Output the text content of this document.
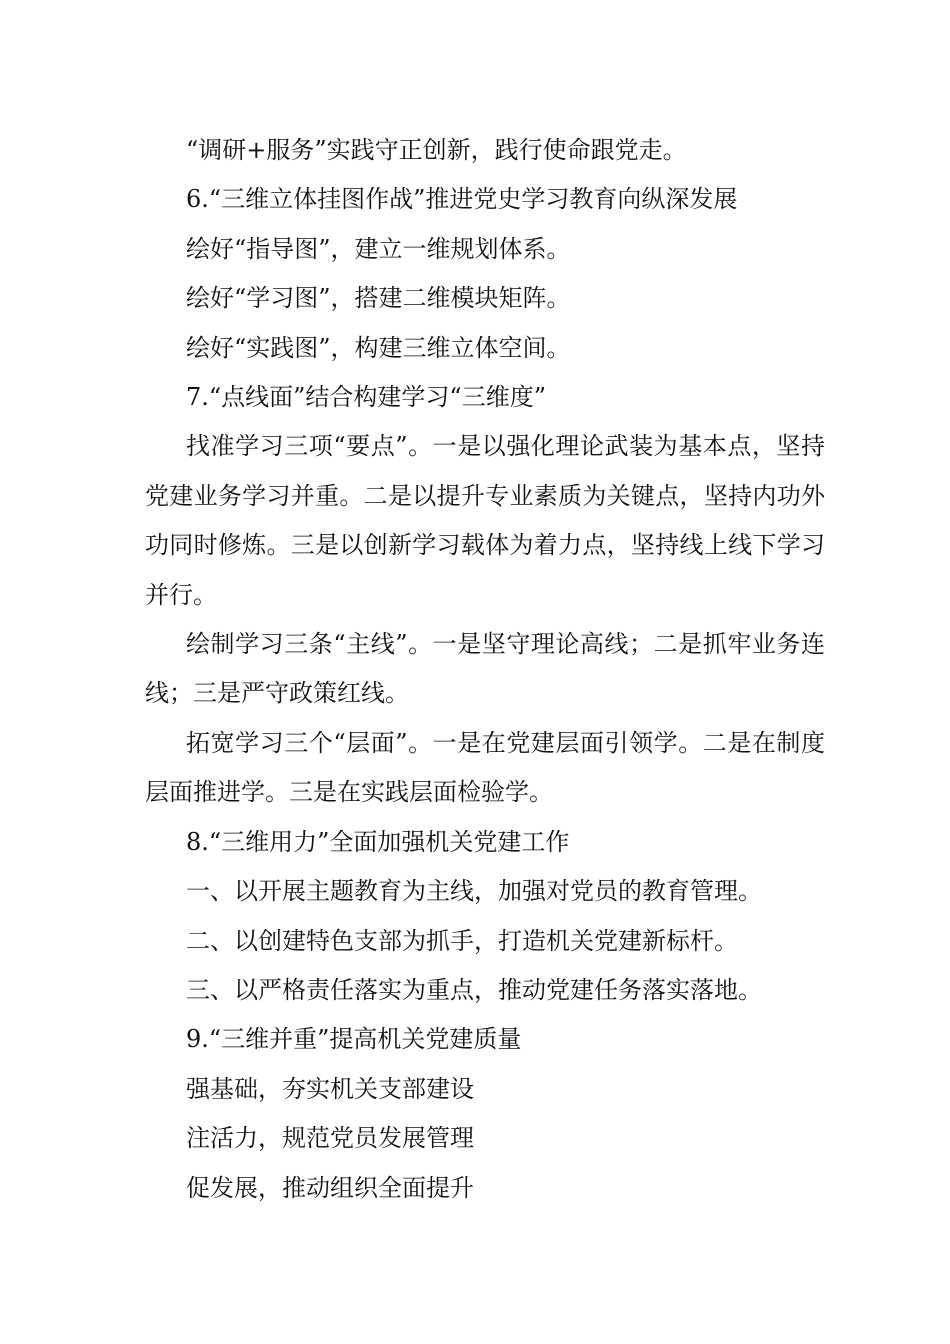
“调研+服务”实践守正创新，践行使命跟党走。

6.“三维立体挂图作战”推进党史学习教育向纵深发展

绘好“指导图”，建立一维规划体系。

绘好“学习图”，搭建二维模块矩阵。

绘好“实践图”，构建三维立体空间。

7.“点线面”结合构建学习“三维度”

找准学习三项“要点”。一是以强化理论武装为基本点，坚持党建业务学习并重。二是以提升专业素质为关键点，坚持内功外功同时修炼。三是以创新学习载体为着力点，坚持线上线下学习并行。

绘制学习三条“主线”。一是坚守理论高线；二是抓牢业务连线；三是严守政策红线。

拓宽学习三个“层面”。一是在党建层面引领学。二是在制度层面推进学。三是在实践层面检验学。

8.“三维用力”全面加强机关党建工作

一、以开展主题教育为主线，加强对党员的教育管理。

二、以创建特色支部为抓手，打造机关党建新标杆。

三、以严格责任落实为重点，推动党建任务落实落地。

9.“三维并重”提高机关党建质量

强基础，夯实机关支部建设

注活力，规范党员发展管理

促发展，推动组织全面提升
